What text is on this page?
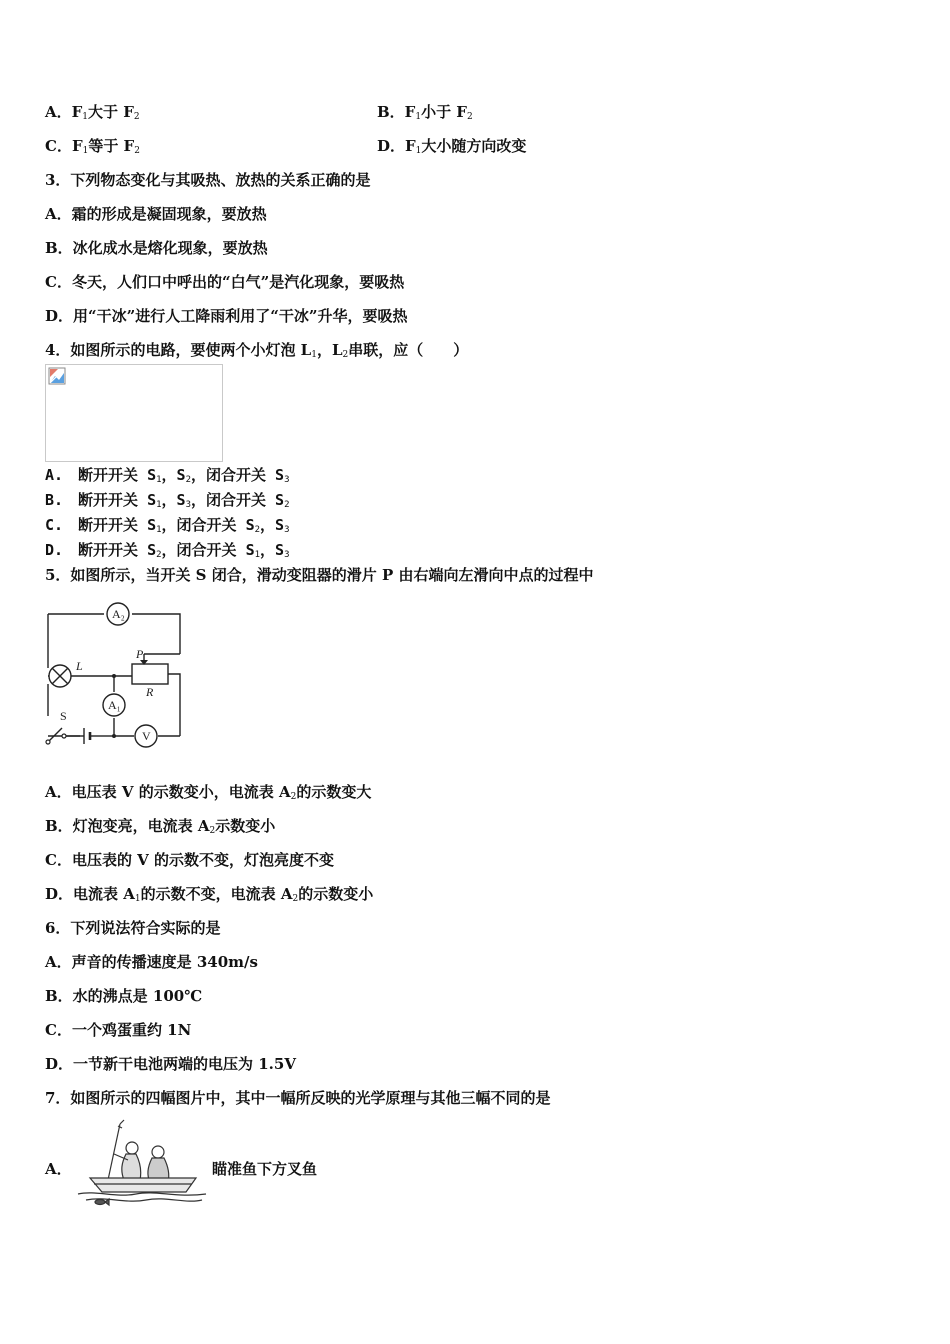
A．$F_1$大于 $F_2$	B．$F_1$小于 $F_2$
C．$F_1$等于 $F_2$	D．$F_1$大小随方向改变
3．下列物态变化与其吸热、放热的关系正确的是
A．霜的形成是凝固现象，要放热
B．冰化成水是熔化现象，要放热
C．冬天，人们口中呼出的“白气”是汽化现象，要吸热
D．用“干冰”进行人工降雨利用了“干冰”升华，要吸热
4．如图所示的电路，要使两个小灯泡 $L_1$，$L_2$串联，应（　　）
A.　断开开关 $S_1$，$S_2$，闭合开关 $S_3$
B.　断开开关 $S_1$，$S_3$，闭合开关 $S_2$
C.　断开开关 $S_1$，闭合开关 $S_2$，$S_3$
D.　断开开关 $S_2$，闭合开关 $S_1$，$S_3$
5．如图所示，当开关 S 闭合，滑动变阻器的滑片 P 由右端向左滑向中点的过程中
A₂
A₁
V
L
P
R
S
A．电压表 V 的示数变小，电流表 $A_2$的示数变大
B．灯泡变亮，电流表 $A_2$示数变小
C．电压表的 V 的示数不变，灯泡亮度不变
D．电流表 $A_1$的示数不变，电流表 $A_2$的示数变小
6．下列说法符合实际的是
A．声音的传播速度是 340m/s
B．水的沸点是 100℃
C．一个鸡蛋重约 1N
D．一节新干电池两端的电压为 1.5V
7．如图所示的四幅图片中，其中一幅所反映的光学原理与其他三幅不同的是
A．	瞄准鱼下方叉鱼
